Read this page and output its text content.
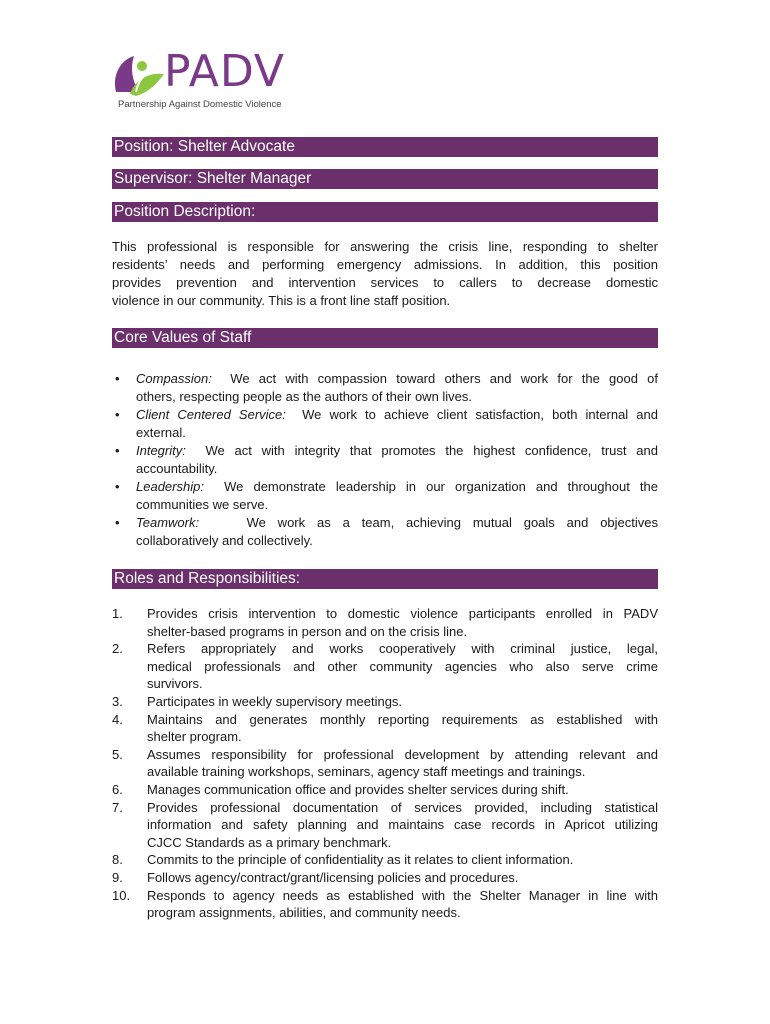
PADV
Partnership Against Domestic Violence
Position: Shelter Advocate
Supervisor: Shelter Manager
Position Description:
This professional is responsible for answering the crisis line, responding to shelter
residents’ needs and performing emergency admissions. In addition, this position
provides prevention and intervention services to callers to decrease domestic
violence in our community. This is a front line staff position.
Core Values of Staff
• Compassion: We act with compassion toward others and work for the good of
others, respecting people as the authors of their own lives.
• Client Centered Service: We work to achieve client satisfaction, both internal and
external.
• Integrity: We act with integrity that promotes the highest confidence, trust and
accountability.
• Leadership: We demonstrate leadership in our organization and throughout the
communities we serve.
• Teamwork:	We work as a team, achieving mutual goals and objectives
collaboratively and collectively.
Roles and Responsibilities:
1. Provides crisis intervention to domestic violence participants enrolled in PADV
shelter-based programs in person and on the crisis line.
2. Refers appropriately and works cooperatively with criminal justice, legal,
medical professionals and other community agencies who also serve crime
survivors.
3. Participates in weekly supervisory meetings.
4. Maintains and generates monthly reporting requirements as established with
shelter program.
5. Assumes responsibility for professional development by attending relevant and
available training workshops, seminars, agency staff meetings and trainings.
6. Manages communication office and provides shelter services during shift.
7. Provides professional documentation of services provided, including statistical
information and safety planning and maintains case records in Apricot utilizing
CJCC Standards as a primary benchmark.
8. Commits to the principle of confidentiality as it relates to client information.
9. Follows agency/contract/grant/licensing policies and procedures.
10. Responds to agency needs as established with the Shelter Manager in line with
program assignments, abilities, and community needs.
